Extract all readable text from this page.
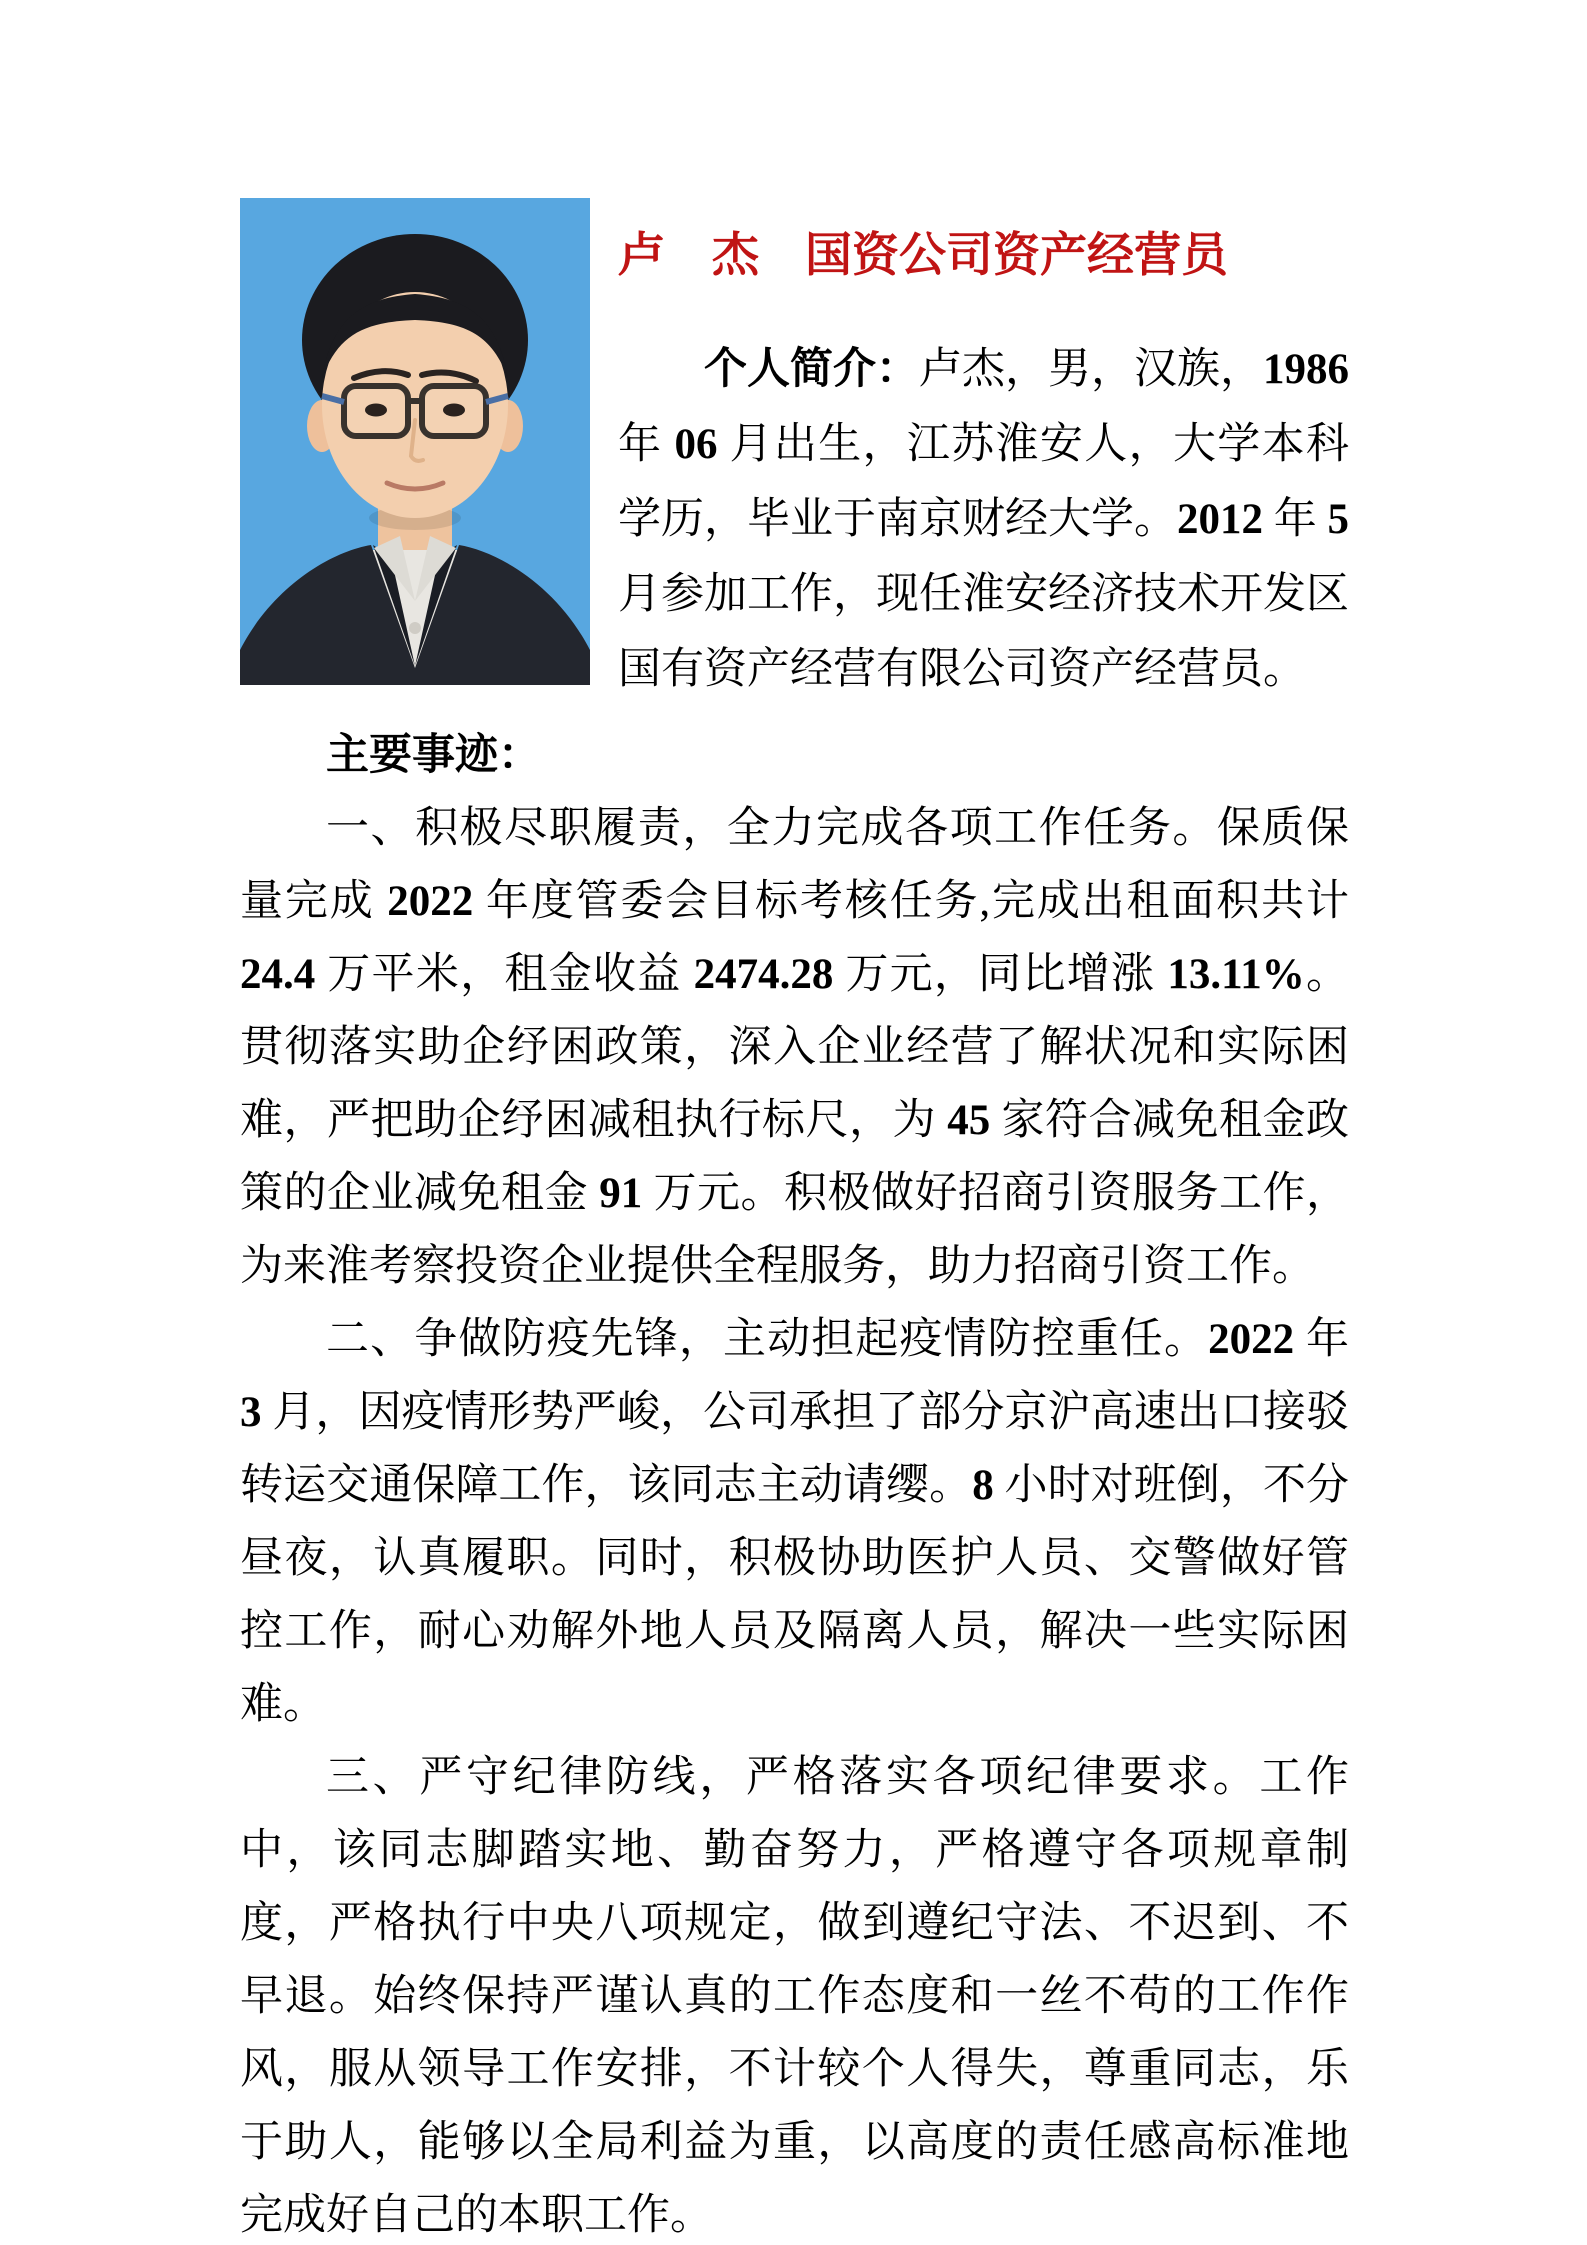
卢　杰 国资公司资产经营员

个人简介：卢杰，男，汉族，1986 年 06 月出生，江苏淮安人，大学本科学历，毕业于南京财经大学。2012 年 5 月参加工作，现任淮安经济技术开发区国有资产经营有限公司资产经营员。

主要事迹：

一、积极尽职履责，全力完成各项工作任务。保质保量完成 2022 年度管委会目标考核任务,完成出租面积共计 24.4 万平米，租金收益 2474.28 万元，同比增涨 13.11%。贯彻落实助企纾困政策，深入企业经营了解状况和实际困难，严把助企纾困减租执行标尺，为 45 家符合减免租金政策的企业减免租金 91 万元。积极做好招商引资服务工作，为来淮考察投资企业提供全程服务，助力招商引资工作。

二、争做防疫先锋，主动担起疫情防控重任。2022 年 3 月，因疫情形势严峻，公司承担了部分京沪高速出口接驳转运交通保障工作，该同志主动请缨。8 小时对班倒，不分昼夜，认真履职。同时，积极协助医护人员、交警做好管控工作，耐心劝解外地人员及隔离人员，解决一些实际困难。

三、严守纪律防线，严格落实各项纪律要求。工作中，该同志脚踏实地、勤奋努力，严格遵守各项规章制度，严格执行中央八项规定，做到遵纪守法、不迟到、不早退。始终保持严谨认真的工作态度和一丝不苟的工作作风，服从领导工作安排，不计较个人得失，尊重同志，乐于助人，能够以全局利益为重，以高度的责任感高标准地完成好自己的本职工作。
